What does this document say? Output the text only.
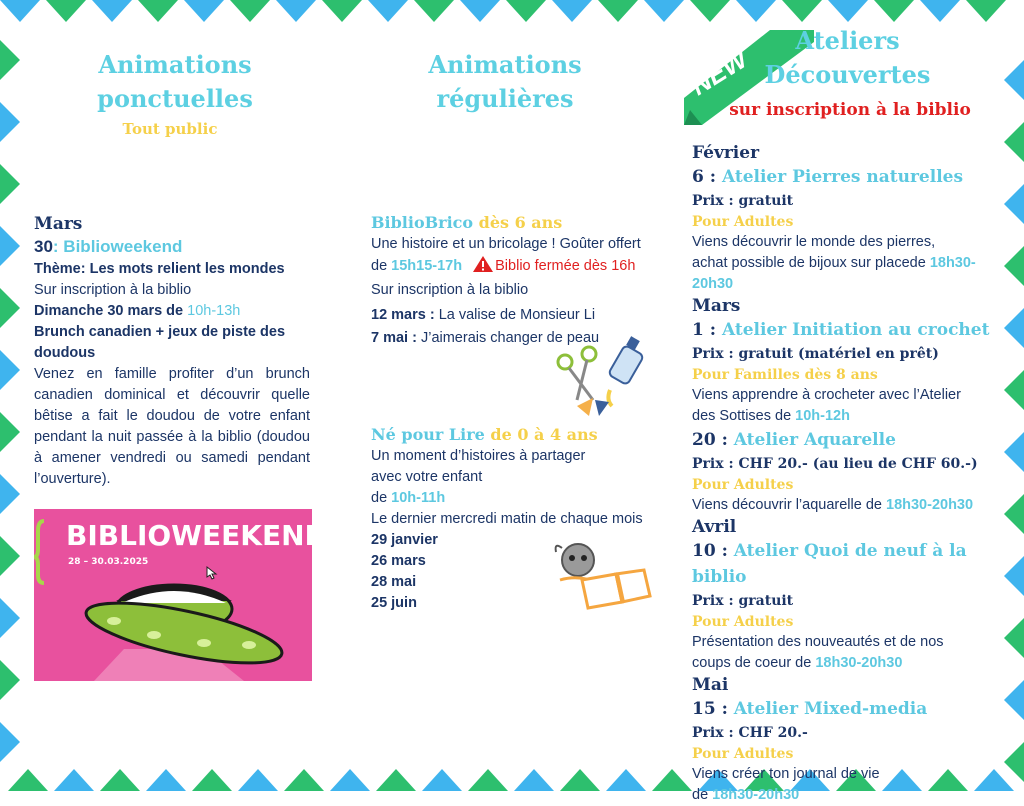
Animations
ponctuelles
Tout public
Mars
30: Biblioweekend
Thème: Les mots relient les mondes
Sur inscription à la biblio
Dimanche 30 mars de 10h-13h
Brunch canadien + jeux de piste des doudous
Venez en famille profiter d’un brunch canadien dominical et découvrir quelle bêtise a fait le doudou de votre enfant pendant la nuit passée à la biblio (doudou à amener vendredi ou samedi pendant l’ouverture).
BIBLIOWEEKEND
28 – 30.03.2025
Animations
régulières
BiblioBrico dès 6 ans
Une histoire et un bricolage ! Goûter offert
de 15h15-17h Biblio fermée dès 16h
Sur inscription à la biblio
12 mars : La valise de Monsieur Li
7 mai : J’aimerais changer de peau
Né pour Lire de 0 à 4 ans
Un moment d’histoires à partager
avec votre enfant
de 10h-11h
Le dernier mercredi matin de chaque mois
29 janvier
26 mars
28 mai
25 juin
NEW
Ateliers
Découvertes
sur inscription à la biblio
Février
6 : Atelier Pierres naturelles
Prix : gratuit
Pour Adultes
Viens découvrir le monde des pierres,
achat possible de bijoux sur placede 18h30-20h30
Mars
1 : Atelier Initiation au crochet
Prix : gratuit (matériel en prêt)
Pour Familles dès 8 ans
Viens apprendre à crocheter avec l’Atelier
des Sottises de 10h-12h
20 : Atelier Aquarelle
Prix : CHF 20.- (au lieu de CHF 60.-)
Pour Adultes
Viens découvrir l’aquarelle de 18h30-20h30
Avril
10 : Atelier Quoi de neuf à la biblio
Prix : gratuit
Pour Adultes
Présentation des nouveautés et de nos
coups de coeur de 18h30-20h30
Mai
15 : Atelier Mixed-media
Prix : CHF 20.-
Pour Adultes
Viens créer ton journal de vie
de 18h30-20h30
